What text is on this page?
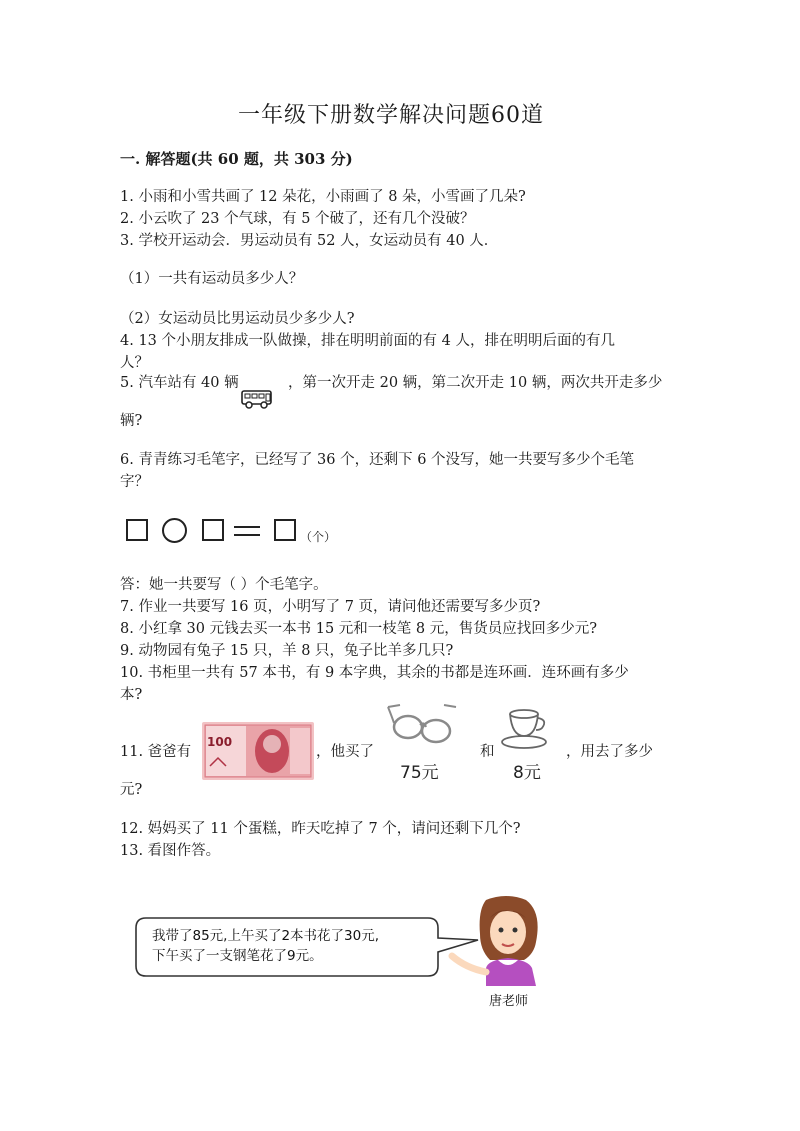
一年级下册数学解决问题60道
一. 解答题(共 60 题，共 303 分)
1. 小雨和小雪共画了 12 朵花，小雨画了 8 朵，小雪画了几朵?
2. 小云吹了 23 个气球，有 5 个破了，还有几个没破？
3. 学校开运动会．男运动员有 52 人，女运动员有 40 人．
（1）一共有运动员多少人？
（2）女运动员比男运动员少多少人?
4. 13 个小朋友排成一队做操，排在明明前面的有 4 人，排在明明后面的有几
人？
5. 汽车站有 40 辆	，第一次开走 20 辆，第二次开走 10 辆，两次共开走多少
辆?
6. 青青练习毛笔字，已经写了 36 个，还剩下 6 个没写，她一共要写多少个毛笔
字？
（个）
答：她一共要写（ ）个毛笔字。
7. 作业一共要写 16 页，小明写了 7 页，请问他还需要写多少页?
8. 小红拿 30 元钱去买一本书 15 元和一枝笔 8 元，售货员应找回多少元?
9. 动物园有兔子 15 只，羊 8 只，兔子比羊多几只?
10. 书柜里一共有 57 本书，有 9 本字典，其余的书都是连环画．连环画有多少
本?
11. 爸爸有
100
，他买了
75元
和
8元
，用去了多少
元?
12. 妈妈买了 11 个蛋糕，昨天吃掉了 7 个，请问还剩下几个?
13. 看图作答。
我带了85元,上午买了2本书花了30元,
下午买了一支钢笔花了9元。
唐老师
